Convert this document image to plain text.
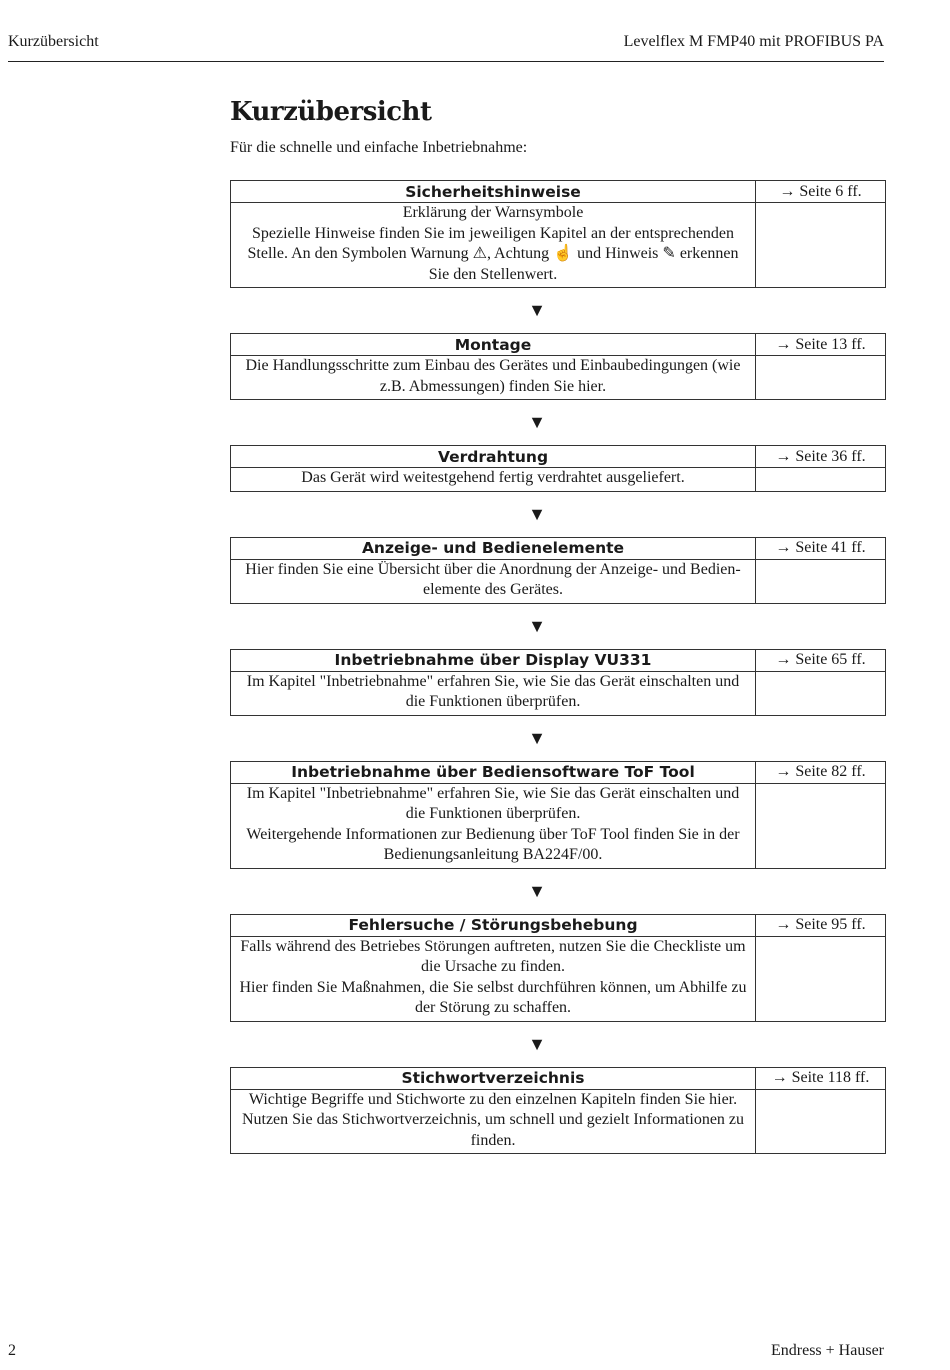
Kurzübersicht	Levelflex M FMP40 mit PROFIBUS PA
Kurzübersicht
Für die schnelle und einfache Inbetriebnahme:
Sicherheitshinweise	→ Seite 6 ff.

Erklärung der Warnsymbole
Spezielle Hinweise finden Sie im jeweiligen Kapitel an der entsprechenden
Stelle. An den Symbolen Warnung ⚠, Achtung ☝ und Hinweis ✎ erkennen
Sie den Stellenwert.	

▼
Montage	→ Seite 13 ff.

Die Handlungsschritte zum Einbau des Gerätes und Einbaubedingungen (wie
z.B. Abmessungen) finden Sie hier.	

▼
Verdrahtung	→ Seite 36 ff.

Das Gerät wird weitestgehend fertig verdrahtet ausgeliefert.	

▼
Anzeige- und Bedienelemente	→ Seite 41 ff.

Hier finden Sie eine Übersicht über die Anordnung der Anzeige- und Bedien-
elemente des Gerätes.	

▼
Inbetriebnahme über Display VU331	→ Seite 65 ff.

Im Kapitel "Inbetriebnahme" erfahren Sie, wie Sie das Gerät einschalten und
die Funktionen überprüfen.	

▼
Inbetriebnahme über Bediensoftware ToF Tool	→ Seite 82 ff.

Im Kapitel "Inbetriebnahme" erfahren Sie, wie Sie das Gerät einschalten und
die Funktionen überprüfen.
Weitergehende Informationen zur Bedienung über ToF Tool finden Sie in der
Bedienungsanleitung BA224F/00.	

▼
Fehlersuche / Störungsbehebung	→ Seite 95 ff.

Falls während des Betriebes Störungen auftreten, nutzen Sie die Checkliste um
die Ursache zu finden.
Hier finden Sie Maßnahmen, die Sie selbst durchführen können, um Abhilfe zu
der Störung zu schaffen.	

▼
Stichwortverzeichnis	→ Seite 118 ff.

Wichtige Begriffe und Stichworte zu den einzelnen Kapiteln finden Sie hier.
Nutzen Sie das Stichwortverzeichnis, um schnell und gezielt Informationen zu
finden.	

2	Endress + Hauser
